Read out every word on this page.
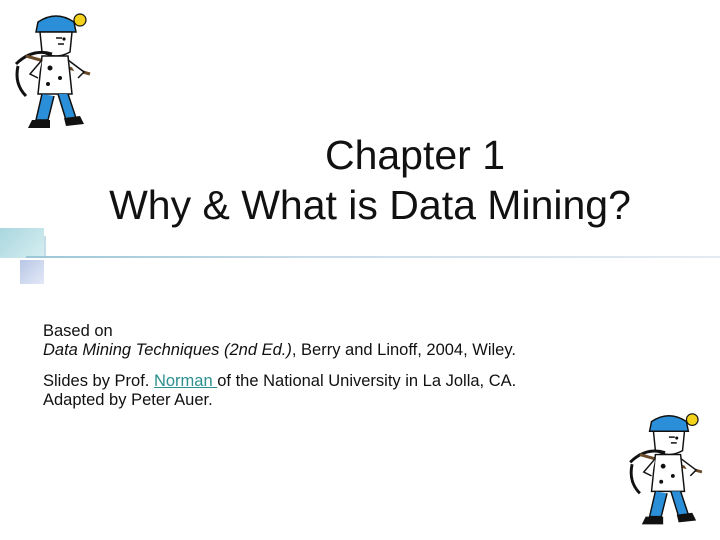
Chapter 1
Why & What is Data Mining?

Based on

Data Mining Techniques (2nd Ed.), Berry and Linoff, 2004, Wiley.

Slides by Prof. Norman of the National University in La Jolla, CA.

Adapted by Peter Auer.
